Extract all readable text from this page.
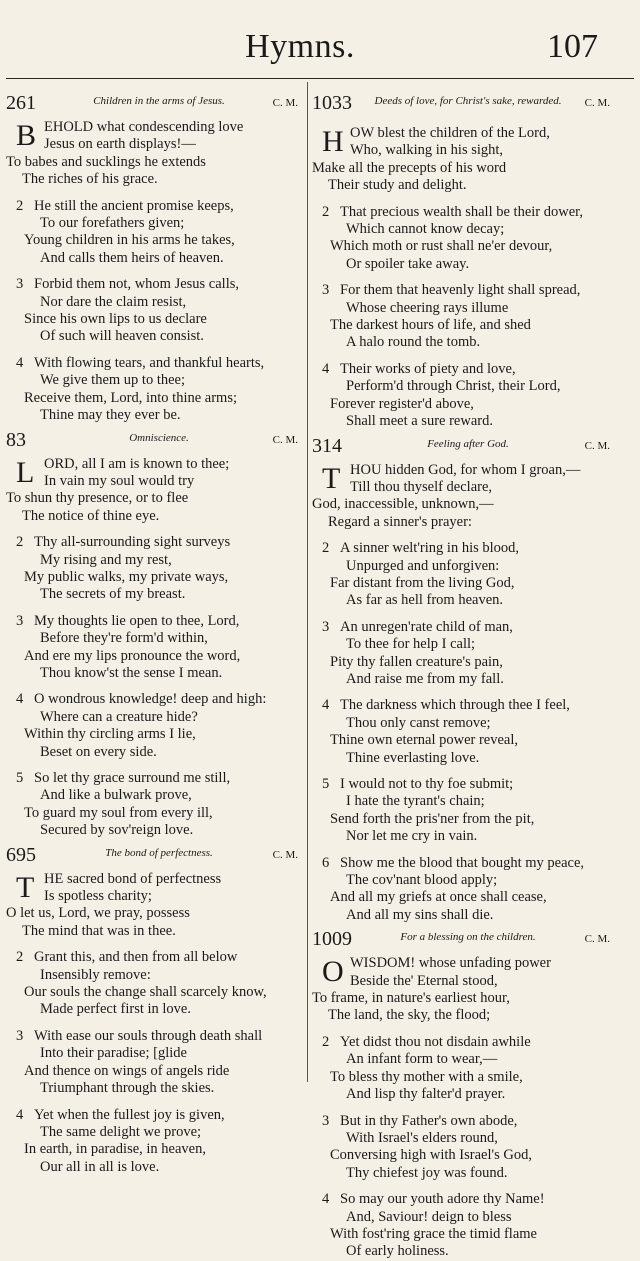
Hymns.	107
261	Children in the arms of Jesus.	C. M.
B EHOLD what condescending love
Jesus on earth displays!—
To babes and sucklings he extends
The riches of his grace.
2 He still the ancient promise keeps,
To our forefathers given;
Young children in his arms he takes,
And calls them heirs of heaven.
3 Forbid them not, whom Jesus calls,
Nor dare the claim resist,
Since his own lips to us declare
Of such will heaven consist.
4 With flowing tears, and thankful hearts,
We give them up to thee;
Receive them, Lord, into thine arms;
Thine may they ever be.
83	Omniscience.	C. M.
L ORD, all I am is known to thee;
In vain my soul would try
To shun thy presence, or to flee
The notice of thine eye.
2 Thy all-surrounding sight surveys
My rising and my rest,
My public walks, my private ways,
The secrets of my breast.
3 My thoughts lie open to thee, Lord,
Before they're form'd within,
And ere my lips pronounce the word,
Thou know'st the sense I mean.
4 O wondrous knowledge! deep and high:
Where can a creature hide?
Within thy circling arms I lie,
Beset on every side.
5 So let thy grace surround me still,
And like a bulwark prove,
To guard my soul from every ill,
Secured by sov'reign love.
695	The bond of perfectness.	C. M.
T HE sacred bond of perfectness
Is spotless charity;
O let us, Lord, we pray, possess
The mind that was in thee.
2 Grant this, and then from all below
Insensibly remove:
Our souls the change shall scarcely know,
Made perfect first in love.
3 With ease our souls through death shall
Into their paradise; [glide
And thence on wings of angels ride
Triumphant through the skies.
4 Yet when the fullest joy is given,
The same delight we prove;
In earth, in paradise, in heaven,
Our all in all is love.
1033	Deeds of love, for Christ's sake, rewarded.	C. M.
H OW blest the children of the Lord,
Who, walking in his sight,
Make all the precepts of his word
Their study and delight.
2 That precious wealth shall be their dower,
Which cannot know decay;
Which moth or rust shall ne'er devour,
Or spoiler take away.
3 For them that heavenly light shall spread,
Whose cheering rays illume
The darkest hours of life, and shed
A halo round the tomb.
4 Their works of piety and love,
Perform'd through Christ, their Lord,
Forever register'd above,
Shall meet a sure reward.
314	Feeling after God.	C. M.
T HOU hidden God, for whom I groan,—
Till thou thyself declare,
God, inaccessible, unknown,—
Regard a sinner's prayer:
2 A sinner welt'ring in his blood,
Unpurged and unforgiven:
Far distant from the living God,
As far as hell from heaven.
3 An unregen'rate child of man,
To thee for help I call;
Pity thy fallen creature's pain,
And raise me from my fall.
4 The darkness which through thee I feel,
Thou only canst remove;
Thine own eternal power reveal,
Thine everlasting love.
5 I would not to thy foe submit;
I hate the tyrant's chain;
Send forth the pris'ner from the pit,
Nor let me cry in vain.
6 Show me the blood that bought my peace,
The cov'nant blood apply;
And all my griefs at once shall cease,
And all my sins shall die.
1009	For a blessing on the children.	C. M.
O WISDOM! whose unfading power
Beside the' Eternal stood,
To frame, in nature's earliest hour,
The land, the sky, the flood;
2 Yet didst thou not disdain awhile
An infant form to wear,—
To bless thy mother with a smile,
And lisp thy falter'd prayer.
3 But in thy Father's own abode,
With Israel's elders round,
Conversing high with Israel's God,
Thy chiefest joy was found.
4 So may our youth adore thy Name!
And, Saviour! deign to bless
With fost'ring grace the timid flame
Of early holiness.
